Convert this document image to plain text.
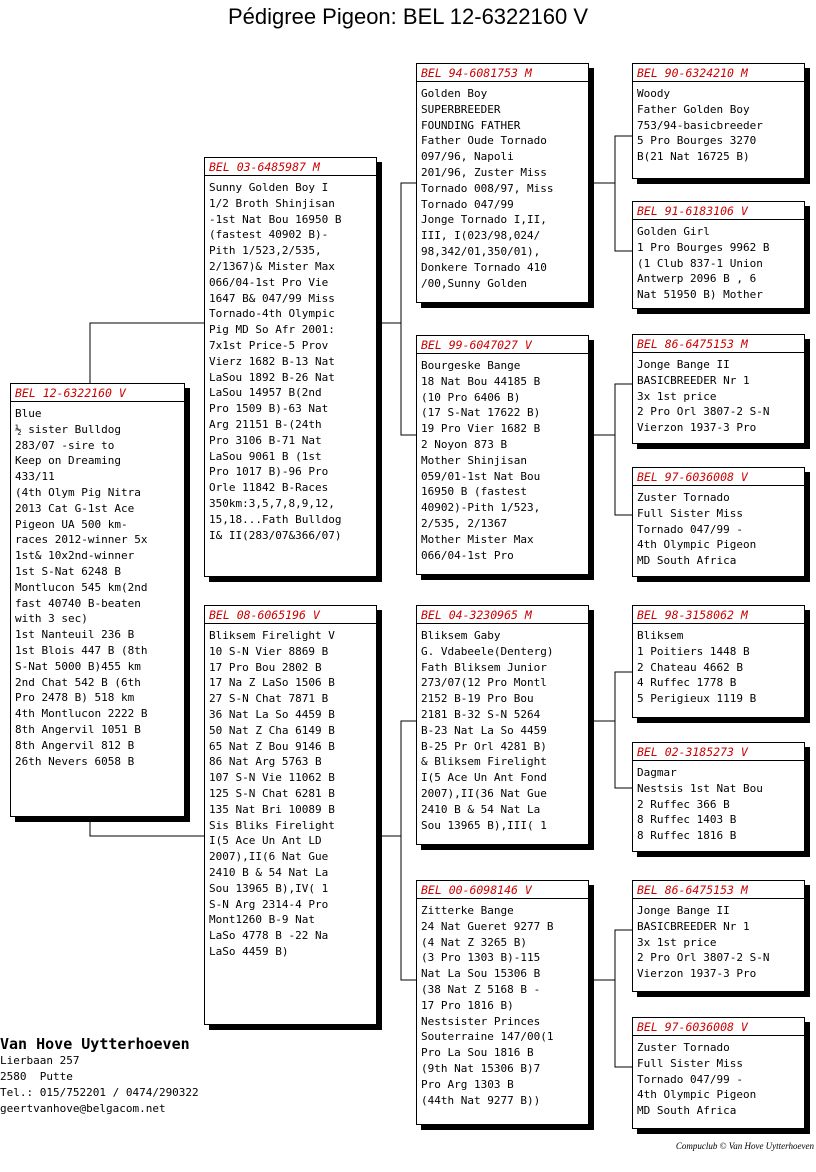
Pédigree Pigeon: BEL 12-6322160 V
BEL 12-6322160 V
Blue
½ sister Bulldog
283/07 -sire to
Keep on Dreaming
433/11
(4th Olym Pig Nitra
2013 Cat G-1st Ace
Pigeon UA 500 km-
races 2012-winner 5x
1st& 10x2nd-winner
1st S-Nat 6248 B
Montlucon 545 km(2nd
fast 40740 B-beaten
with 3 sec)
1st Nanteuil 236 B
1st Blois 447 B (8th
S-Nat 5000 B)455 km
2nd Chat 542 B (6th
Pro 2478 B) 518 km
4th Montlucon 2222 B
8th Angervil 1051 B
8th Angervil 812 B
26th Nevers 6058 B
BEL 03-6485987 M
Sunny Golden Boy I
1/2 Broth Shinjisan
-1st Nat Bou 16950 B
(fastest 40902 B)-
Pith 1/523,2/535,
2/1367)& Mister Max
066/04-1st Pro Vie
1647 B& 047/99 Miss
Tornado-4th Olympic
Pig MD So Afr 2001:
7x1st Price-5 Prov
Vierz 1682 B-13 Nat
LaSou 1892 B-26 Nat
LaSou 14957 B(2nd
Pro 1509 B)-63 Nat
Arg 21151 B-(24th
Pro 3106 B-71 Nat
LaSou 9061 B (1st
Pro 1017 B)-96 Pro
Orle 11842 B-Races
350km:3,5,7,8,9,12,
15,18...Fath Bulldog
I& II(283/07&366/07)
BEL 08-6065196 V
Bliksem Firelight V
10 S-N Vier 8869 B
17 Pro Bou 2802 B
17 Na Z LaSo 1506 B
27 S-N Chat 7871 B
36 Nat La So 4459 B
50 Nat Z Cha 6149 B
65 Nat Z Bou 9146 B
86 Nat Arg 5763 B
107 S-N Vie 11062 B
125 S-N Chat 6281 B
135 Nat Bri 10089 B
Sis Bliks Firelight
I(5 Ace Un Ant LD
2007),II(6 Nat Gue
2410 B & 54 Nat La
Sou 13965 B),IV( 1
S-N Arg 2314-4 Pro
Mont1260 B-9 Nat
LaSo 4778 B -22 Na
LaSo 4459 B)
BEL 94-6081753 M
Golden Boy
SUPERBREEDER
FOUNDING FATHER
Father Oude Tornado
097/96, Napoli
201/96, Zuster Miss
Tornado 008/97, Miss
Tornado 047/99
Jonge Tornado I,II,
III, I(023/98,024/
98,342/01,350/01),
Donkere Tornado 410
/00,Sunny Golden
BEL 99-6047027 V
Bourgeske Bange
18 Nat Bou 44185 B
(10 Pro 6406 B)
(17 S-Nat 17622 B)
19 Pro Vier 1682 B
2 Noyon 873 B
Mother Shinjisan
059/01-1st Nat Bou
16950 B (fastest
40902)-Pith 1/523,
2/535, 2/1367
Mother Mister Max
066/04-1st Pro
BEL 04-3230965 M
Bliksem Gaby
G. Vdabeele(Denterg)
Fath Bliksem Junior
273/07(12 Pro Montl
2152 B-19 Pro Bou
2181 B-32 S-N 5264
B-23 Nat La So 4459
B-25 Pr Orl 4281 B)
& Bliksem Firelight
I(5 Ace Un Ant Fond
2007),II(36 Nat Gue
2410 B & 54 Nat La
Sou 13965 B),III( 1
BEL 00-6098146 V
Zitterke Bange
24 Nat Gueret 9277 B
(4 Nat Z 3265 B)
(3 Pro 1303 B)-115
Nat La Sou 15306 B
(38 Nat Z 5168 B -
17 Pro 1816 B)
Nestsister Princes
Souterraine 147/00(1
Pro La Sou 1816 B
(9th Nat 15306 B)7
Pro Arg 1303 B
(44th Nat 9277 B))
BEL 90-6324210 M
Woody
Father Golden Boy
753/94-basicbreeder
5 Pro Bourges 3270
B(21 Nat 16725 B)
BEL 91-6183106 V
Golden Girl
1 Pro Bourges 9962 B
(1 Club 837-1 Union
Antwerp 2096 B , 6
Nat 51950 B) Mother
BEL 86-6475153 M
Jonge Bange II
BASICBREEDER Nr 1
3x 1st price
2 Pro Orl 3807-2 S-N
Vierzon 1937-3 Pro
BEL 97-6036008 V
Zuster Tornado
Full Sister Miss
Tornado 047/99 -
4th Olympic Pigeon
MD South Africa
BEL 98-3158062 M
Bliksem
1 Poitiers 1448 B
2 Chateau 4662 B
4 Ruffec 1778 B
5 Perigieux 1119 B
BEL 02-3185273 V
Dagmar
Nestsis 1st Nat Bou
2 Ruffec 366 B
8 Ruffec 1403 B
8 Ruffec 1816 B
BEL 86-6475153 M
Jonge Bange II
BASICBREEDER Nr 1
3x 1st price
2 Pro Orl 3807-2 S-N
Vierzon 1937-3 Pro
BEL 97-6036008 V
Zuster Tornado
Full Sister Miss
Tornado 047/99 -
4th Olympic Pigeon
MD South Africa
Van Hove Uytterhoeven
Lierbaan 257
2580  Putte
Tel.: 015/752201 / 0474/290322
geertvanhove@belgacom.net
Compuclub © Van Hove Uytterhoeven
